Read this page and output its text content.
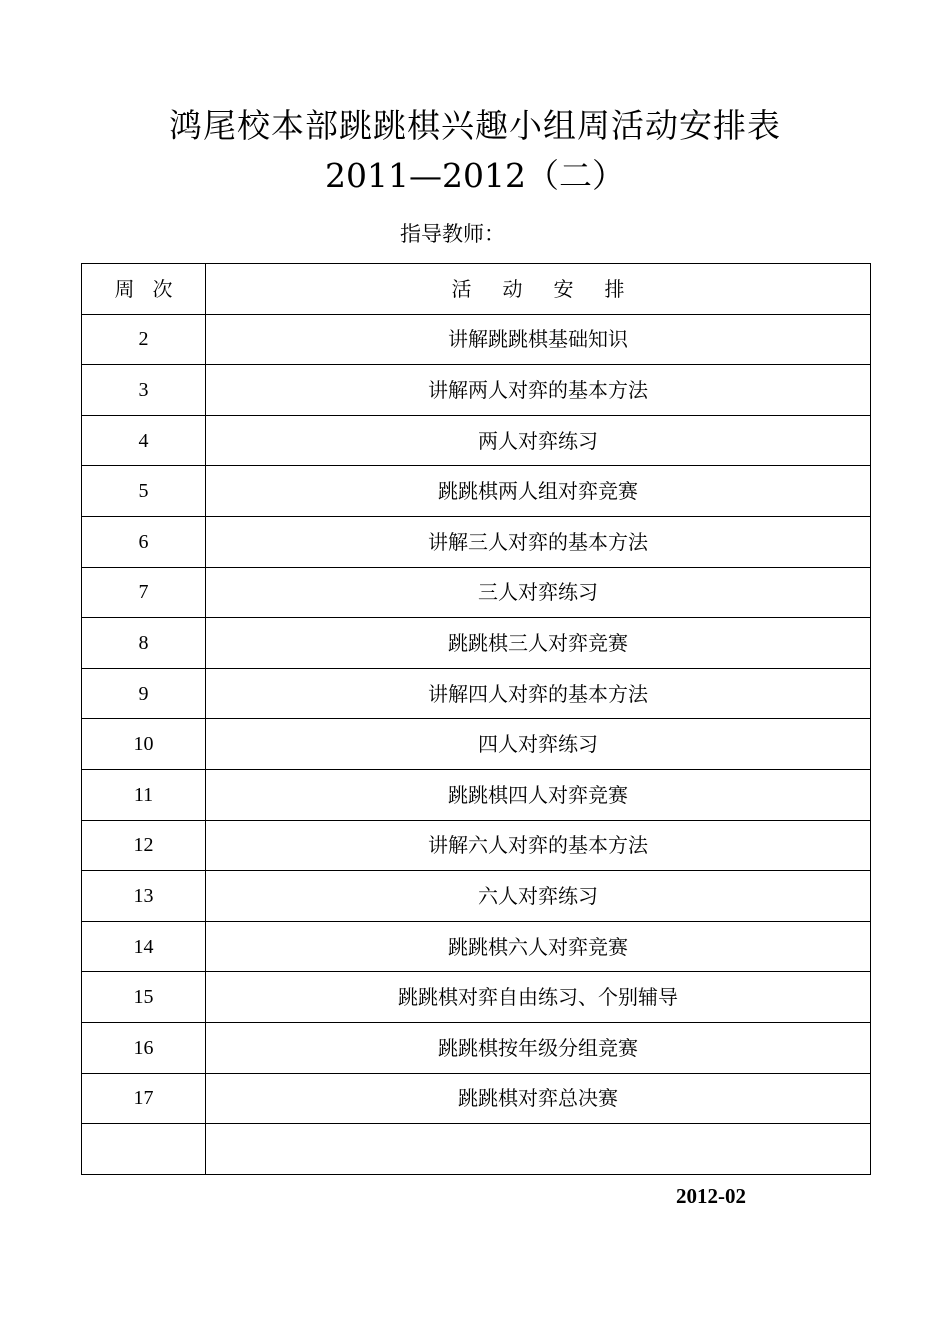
鸿尾校本部跳跳棋兴趣小组周活动安排表
2011—2012（二）
指导教师：
周次	活动安排
2	讲解跳跳棋基础知识
3	讲解两人对弈的基本方法
4	两人对弈练习
5	跳跳棋两人组对弈竞赛
6	讲解三人对弈的基本方法
7	三人对弈练习
8	跳跳棋三人对弈竞赛
9	讲解四人对弈的基本方法
10	四人对弈练习
11	跳跳棋四人对弈竞赛
12	讲解六人对弈的基本方法
13	六人对弈练习
14	跳跳棋六人对弈竞赛
15	跳跳棋对弈自由练习、个别辅导
16	跳跳棋按年级分组竞赛
17	跳跳棋对弈总决赛

2012-02
